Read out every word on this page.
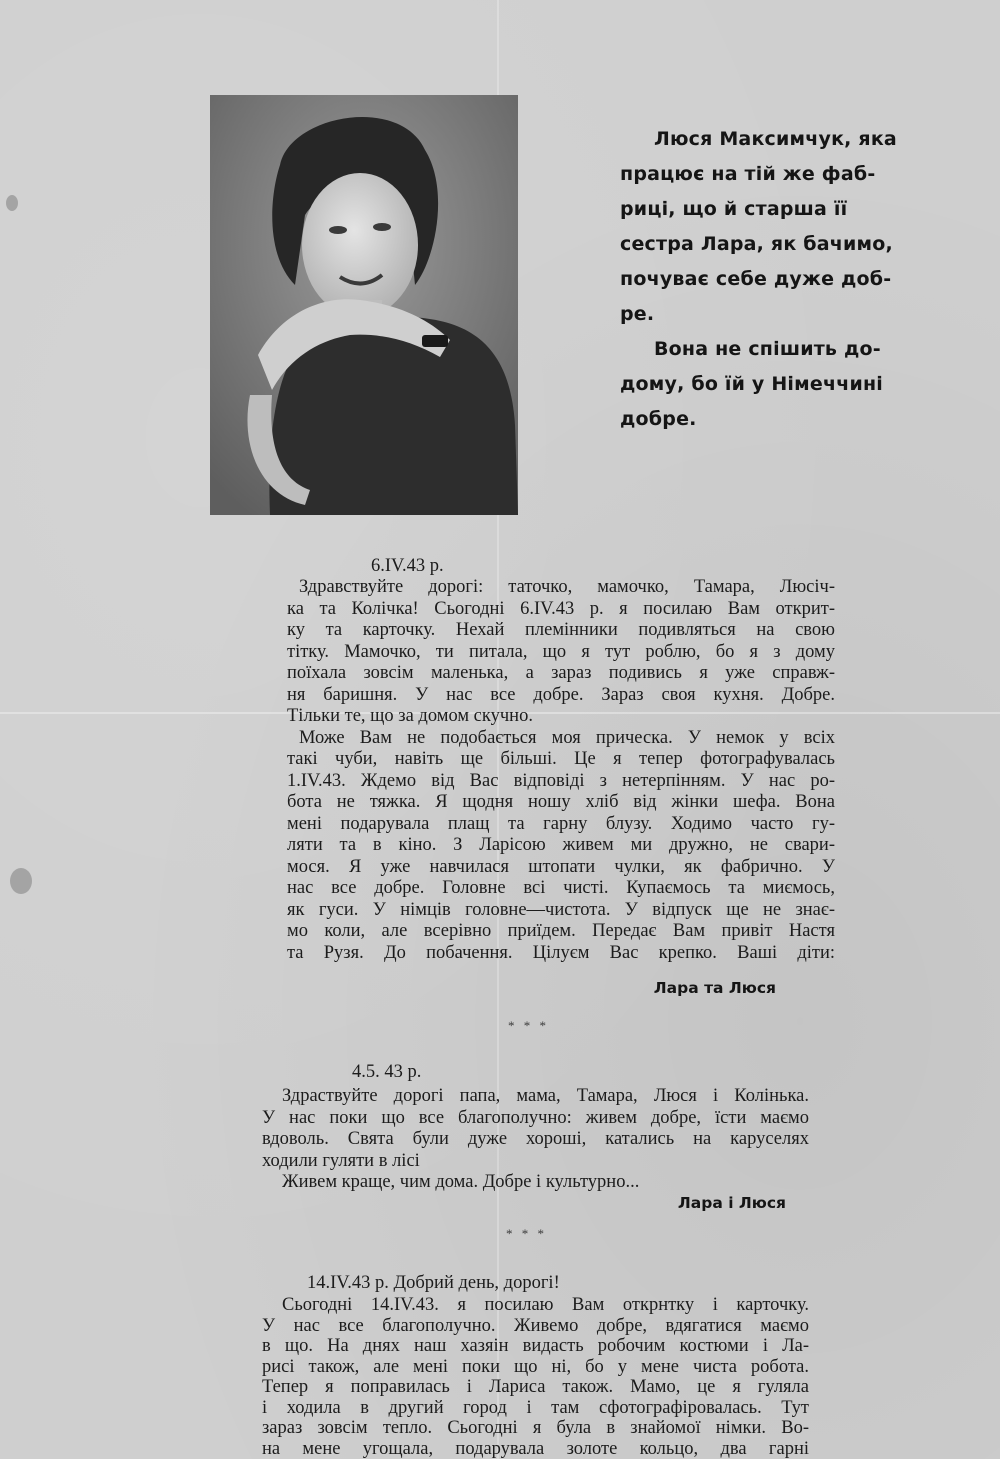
Люся Максимчук, яка
працює на тій же фаб-
риці, що й старша її
сестра Лара, як бачимо,
почуває себе дуже доб-
ре.

Вона не спішить до-
дому, бо їй у Німеччині
добре.

6.IV.43 р.
Здравствуйте дорогі: таточко, мамочко, Тамара, Люсіч-
ка та Колічка! Сьогодні 6.IV.43 р. я посилаю Вам открит-
ку та карточку. Нехай племінники подивляться на свою
тітку. Мамочко, ти питала, що я тут роблю, бо я з дому
поїхала зовсім маленька, а зараз подивись я уже справж-
ня баришня. У нас все добре. Зараз своя кухня. Добре.
Тільки те, що за домом скучно.
Може Вам не подобається моя прическа. У немок у всіх
такі чуби, навіть ще більші. Це я тепер фотографувалась
1.IV.43. Ждемо від Вас відповіді з нетерпінням. У нас ро-
бота не тяжка. Я щодня ношу хліб від жінки шефа. Вона
мені подарувала плащ та гарну блузу. Ходимо часто гу-
ляти та в кіно. З Ларісою живем ми дружно, не свари-
мося. Я уже навчилася штопати чулки, як фабрично. У
нас все добре. Головне всі чисті. Купаємось та миємось,
як гуси. У німців головне—чистота. У відпуск ще не знає-
мо коли, але всерівно приїдем. Передає Вам привіт Настя
та Рузя. До побачення. Цілуєм Вас крепко. Ваші діти:
Лара та Люся
* * *
4.5. 43 р.
Здраствуйте дорогі папа, мама, Тамара, Люся і Колінька.
У нас поки що все благополучно: живем добре, їсти маємо
вдоволь. Свята були дуже хороші, катались на каруселях
ходили гуляти в лісі
Живем краще, чим дома. Добре і культурно...
Лара і Люся
* * *
14.IV.43 р. Добрий день, дорогі!
Сьогодні 14.IV.43. я посилаю Вам открнтку і карточку.
У нас все благополучно. Живемо добре, вдягатися маємо
в що. На днях наш хазяін видасть робочим костюми і Ла-
рисі також, але мені поки що ні, бо у мене чиста робота.
Тепер я поправилась і Лариса також. Мамо, це я гуляла
і ходила в другий город і там сфотографіровалась. Тут
зараз зовсім тепло. Сьогодні я була в знайомої німки. Во-
на мене угощала, подарувала золоте кольцо, два гарні
